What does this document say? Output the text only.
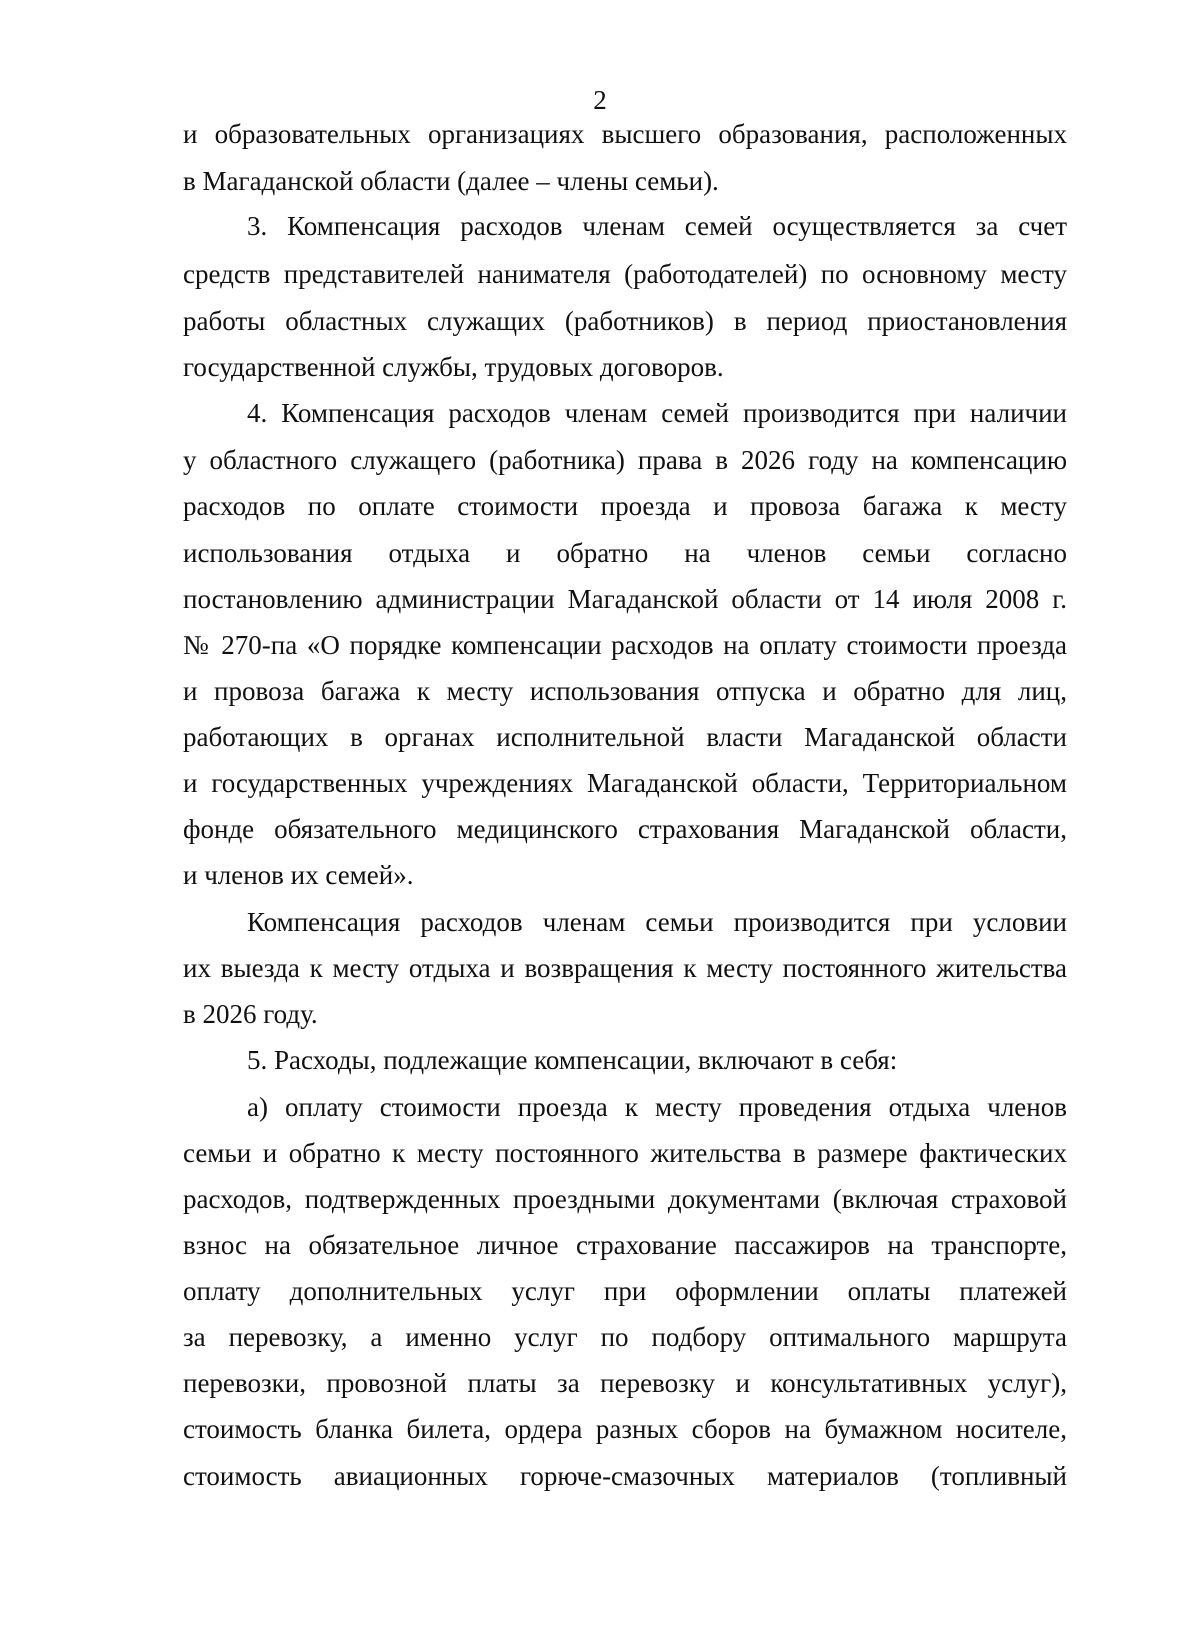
2
и образовательных организациях высшего образования, расположенных
в Магаданской области (далее – члены семьи).
3. Компенсация расходов членам семей осуществляется за счет
средств представителей нанимателя (работодателей) по основному месту
работы областных служащих (работников) в период приостановления
государственной службы, трудовых договоров.
4. Компенсация расходов членам семей производится при наличии
у областного служащего (работника) права в 2026 году на компенсацию
расходов по оплате стоимости проезда и провоза багажа к месту
использования отдыха и обратно на членов семьи согласно
постановлению администрации Магаданской области от 14 июля 2008 г.
№ 270-па «О порядке компенсации расходов на оплату стоимости проезда
и провоза багажа к месту использования отпуска и обратно для лиц,
работающих в органах исполнительной власти Магаданской области
и государственных учреждениях Магаданской области, Территориальном
фонде обязательного медицинского страхования Магаданской области,
и членов их семей».
Компенсация расходов членам семьи производится при условии
их выезда к месту отдыха и возвращения к месту постоянного жительства
в 2026 году.
5. Расходы, подлежащие компенсации, включают в себя:
а) оплату стоимости проезда к месту проведения отдыха членов
семьи и обратно к месту постоянного жительства в размере фактических
расходов, подтвержденных проездными документами (включая страховой
взнос на обязательное личное страхование пассажиров на транспорте,
оплату дополнительных услуг при оформлении оплаты платежей
за перевозку, а именно услуг по подбору оптимального маршрута
перевозки, провозной платы за перевозку и консультативных услуг),
стоимость бланка билета, ордера разных сборов на бумажном носителе,
стоимость авиационных горюче-смазочных материалов (топливный
